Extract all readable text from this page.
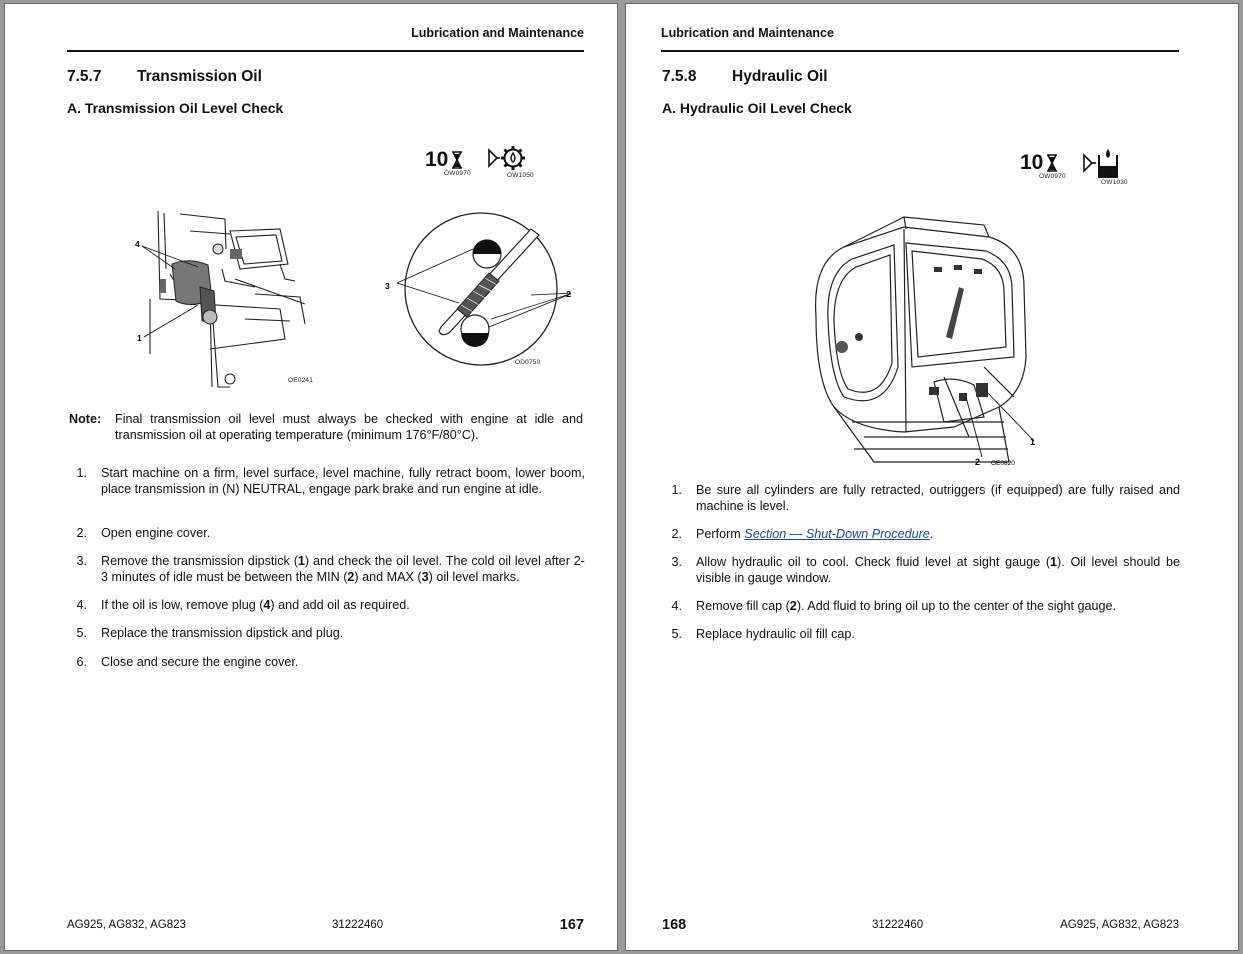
Lubrication and Maintenance
7.5.7 Transmission Oil
A. Transmission Oil Level Check
10
OW0970	OW1050
4
1
OE0241
3
2
OD0750
Note: Final transmission oil level must always be checked with engine at idle and transmission oil at operating temperature (minimum 176°F/80°C).
1. Start machine on a firm, level surface, level machine, fully retract boom, lower boom, place transmission in (N) NEUTRAL, engage park brake and run engine at idle.
2. Open engine cover.
3. Remove the transmission dipstick (1) and check the oil level. The cold oil level after 2-3 minutes of idle must be between the MIN (2) and MAX (3) oil level marks.
4. If the oil is low, remove plug (4) and add oil as required.
5. Replace the transmission dipstick and plug.
6. Close and secure the engine cover.
AG925, AG832, AG823	31222460	167
Lubrication and Maintenance
7.5.8 Hydraulic Oil
A. Hydraulic Oil Level Check
10
OW0970
OW1030
1
2 OE0820
1. Be sure all cylinders are fully retracted, outriggers (if equipped) are fully raised and machine is level.
2. Perform Section — Shut-Down Procedure.
3. Allow hydraulic oil to cool. Check fluid level at sight gauge (1). Oil level should be visible in gauge window.
4. Remove fill cap (2). Add fluid to bring oil up to the center of the sight gauge.
5. Replace hydraulic oil fill cap.
168	31222460	AG925, AG832, AG823
